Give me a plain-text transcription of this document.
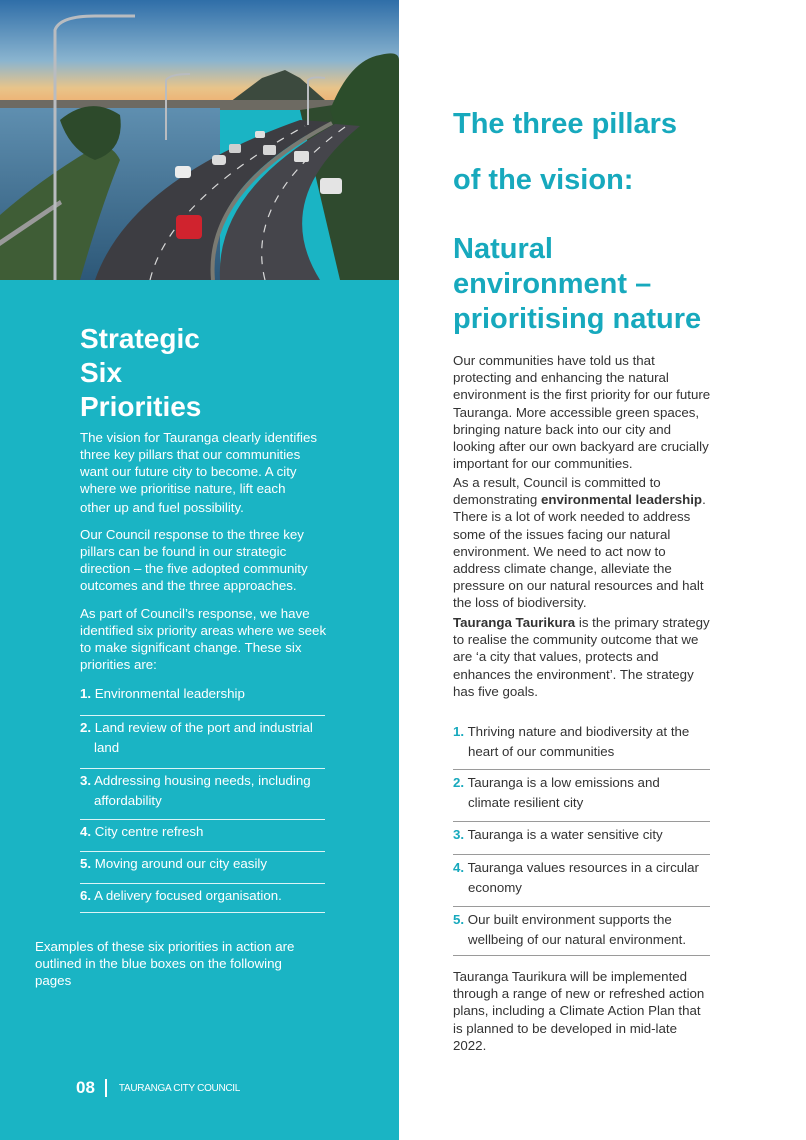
Strategic
Six
Priorities

The vision for Tauranga clearly identifies three key pillars that our communities want our future city to become. A city where we prioritise nature, lift each
other up and fuel possibility.

Our Council response to the three key pillars can be found in our strategic direction – the five adopted community outcomes and the three approaches.

As part of Council’s response, we have identified six priority areas where we seek to make significant change. These six priorities are:

1. Environmental leadership
2. Land review of the port and industrial
land
3. Addressing housing needs, including
affordability
4. City centre refresh
5. Moving around our city easily
6. A delivery focused organisation.

Examples of these six priorities in action are outlined in the blue boxes on the following pages

08 TAURANGA CITY COUNCIL
The three pillars
of the vision:
Natural
environment –
prioritising nature

Our communities have told us that protecting and enhancing the natural environment is the first priority for our future Tauranga. More accessible green spaces, bringing nature back into our city and looking after our own backyard are crucially important for our communities.

As a result, Council is committed to demonstrating environmental leadership. There is a lot of work needed to address some of the issues facing our natural environment. We need to act now to address climate change, alleviate the pressure on our natural resources and halt the loss of biodiversity.

Tauranga Taurikura is the primary strategy to realise the community outcome that we are ‘a city that values, protects and enhances the environment’. The strategy has five goals.

1. Thriving nature and biodiversity at the
heart of our communities
2. Tauranga is a low emissions and
climate resilient city
3. Tauranga is a water sensitive city
4. Tauranga values resources in a circular
economy
5. Our built environment supports the
wellbeing of our natural environment.

Tauranga Taurikura will be implemented through a range of new or refreshed action plans, including a Climate Action Plan that is planned to be developed in mid-late 2022.
